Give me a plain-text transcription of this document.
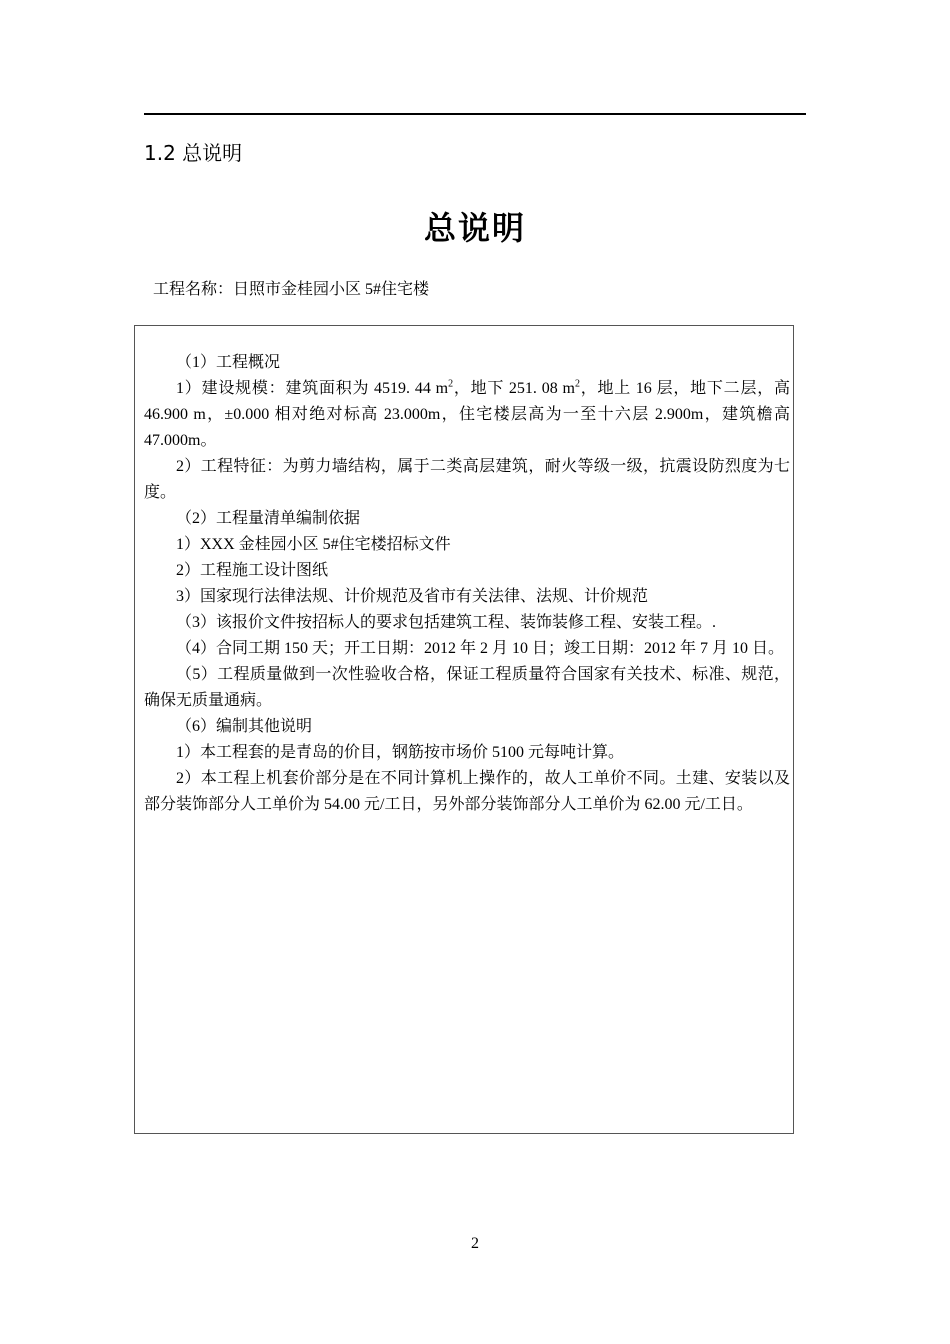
1.2 总说明
总说明
工程名称：日照市金桂园小区 5#住宅楼

（1）工程概况

1）建设规模：建筑面积为 4519. 44 $m^2$，地下 251. 08 $m^2$，地上 16 层，地下二层，高 46.900 m，±0.000 相对绝对标高 23.000m，住宅楼层高为一至十六层 2.900m，建筑檐高 47.000m。

2）工程特征：为剪力墙结构，属于二类高层建筑，耐火等级一级，抗震设防烈度为七度。

（2）工程量清单编制依据

1）XXX 金桂园小区 5#住宅楼招标文件

2）工程施工设计图纸

3）国家现行法律法规、计价规范及省市有关法律、法规、计价规范

（3）该报价文件按招标人的要求包括建筑工程、装饰装修工程、安装工程。.

（4）合同工期 150 天；开工日期：2012 年 2 月 10 日；竣工日期：2012 年 7 月 10 日。

（5）工程质量做到一次性验收合格，保证工程质量符合国家有关技术、标准、规范，确保无质量通病。

（6）编制其他说明

1）本工程套的是青岛的价目，钢筋按市场价 5100 元每吨计算。

2）本工程上机套价部分是在不同计算机上操作的，故人工单价不同。土建、安装以及部分装饰部分人工单价为 54.00 元/工日，另外部分装饰部分人工单价为 62.00 元/工日。

2
